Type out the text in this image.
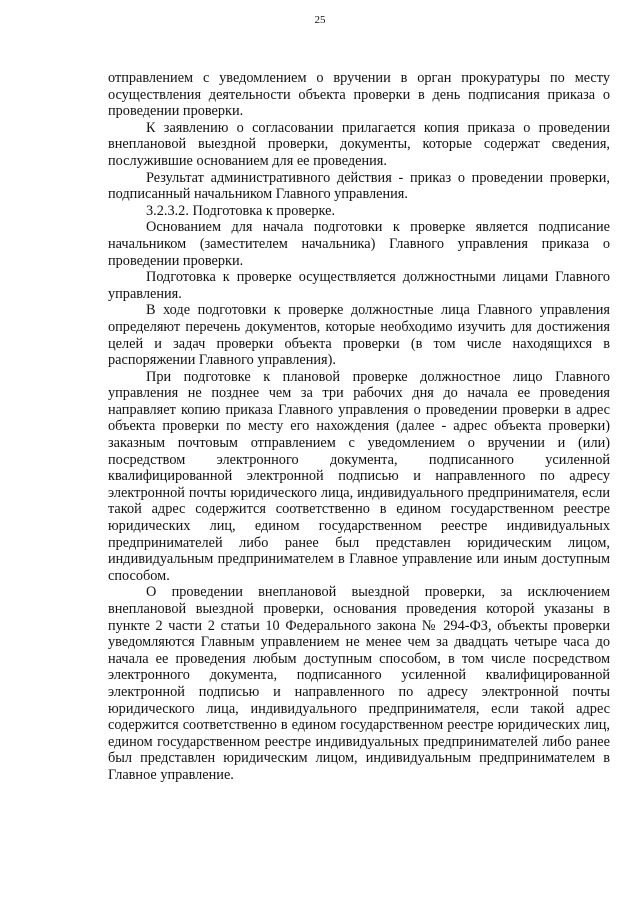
25

отправлением с уведомлением о вручении в орган прокуратуры по месту осуществления деятельности объекта проверки в день подписания приказа о проведении проверки.

К заявлению о согласовании прилагается копия приказа о проведении внеплановой выездной проверки, документы, которые содержат сведения, послужившие основанием для ее проведения.

Результат административного действия - приказ о проведении проверки, подписанный начальником Главного управления.

3.2.3.2. Подготовка к проверке.

Основанием для начала подготовки к проверке является подписание начальником (заместителем начальника) Главного управления приказа о проведении проверки.

Подготовка к проверке осуществляется должностными лицами Главного управления.

В ходе подготовки к проверке должностные лица Главного управления определяют перечень документов, которые необходимо изучить для достижения целей и задач проверки объекта проверки (в том числе находящихся в распоряжении Главного управления).

При подготовке к плановой проверке должностное лицо Главного управления не позднее чем за три рабочих дня до начала ее проведения направляет копию приказа Главного управления о проведении проверки в адрес объекта проверки по месту его нахождения (далее - адрес объекта проверки) заказным почтовым отправлением с уведомлением о вручении и (или) посредством электронного документа, подписанного усиленной квалифицированной электронной подписью и направленного по адресу электронной почты юридического лица, индивидуального предпринимателя, если такой адрес содержится соответственно в едином государственном реестре юридических лиц, едином государственном реестре индивидуальных предпринимателей либо ранее был представлен юридическим лицом, индивидуальным предпринимателем в Главное управление или иным доступным способом.

О проведении внеплановой выездной проверки, за исключением внеплановой выездной проверки, основания проведения которой указаны в пункте 2 части 2 статьи 10 Федерального закона № 294-ФЗ, объекты проверки уведомляются Главным управлением не менее чем за двадцать четыре часа до начала ее проведения любым доступным способом, в том числе посредством электронного документа, подписанного усиленной квалифицированной электронной подписью и направленного по адресу электронной почты юридического лица, индивидуального предпринимателя, если такой адрес содержится соответственно в едином государственном реестре юридических лиц, едином государственном реестре индивидуальных предпринимателей либо ранее был представлен юридическим лицом, индивидуальным предпринимателем в Главное управление.
